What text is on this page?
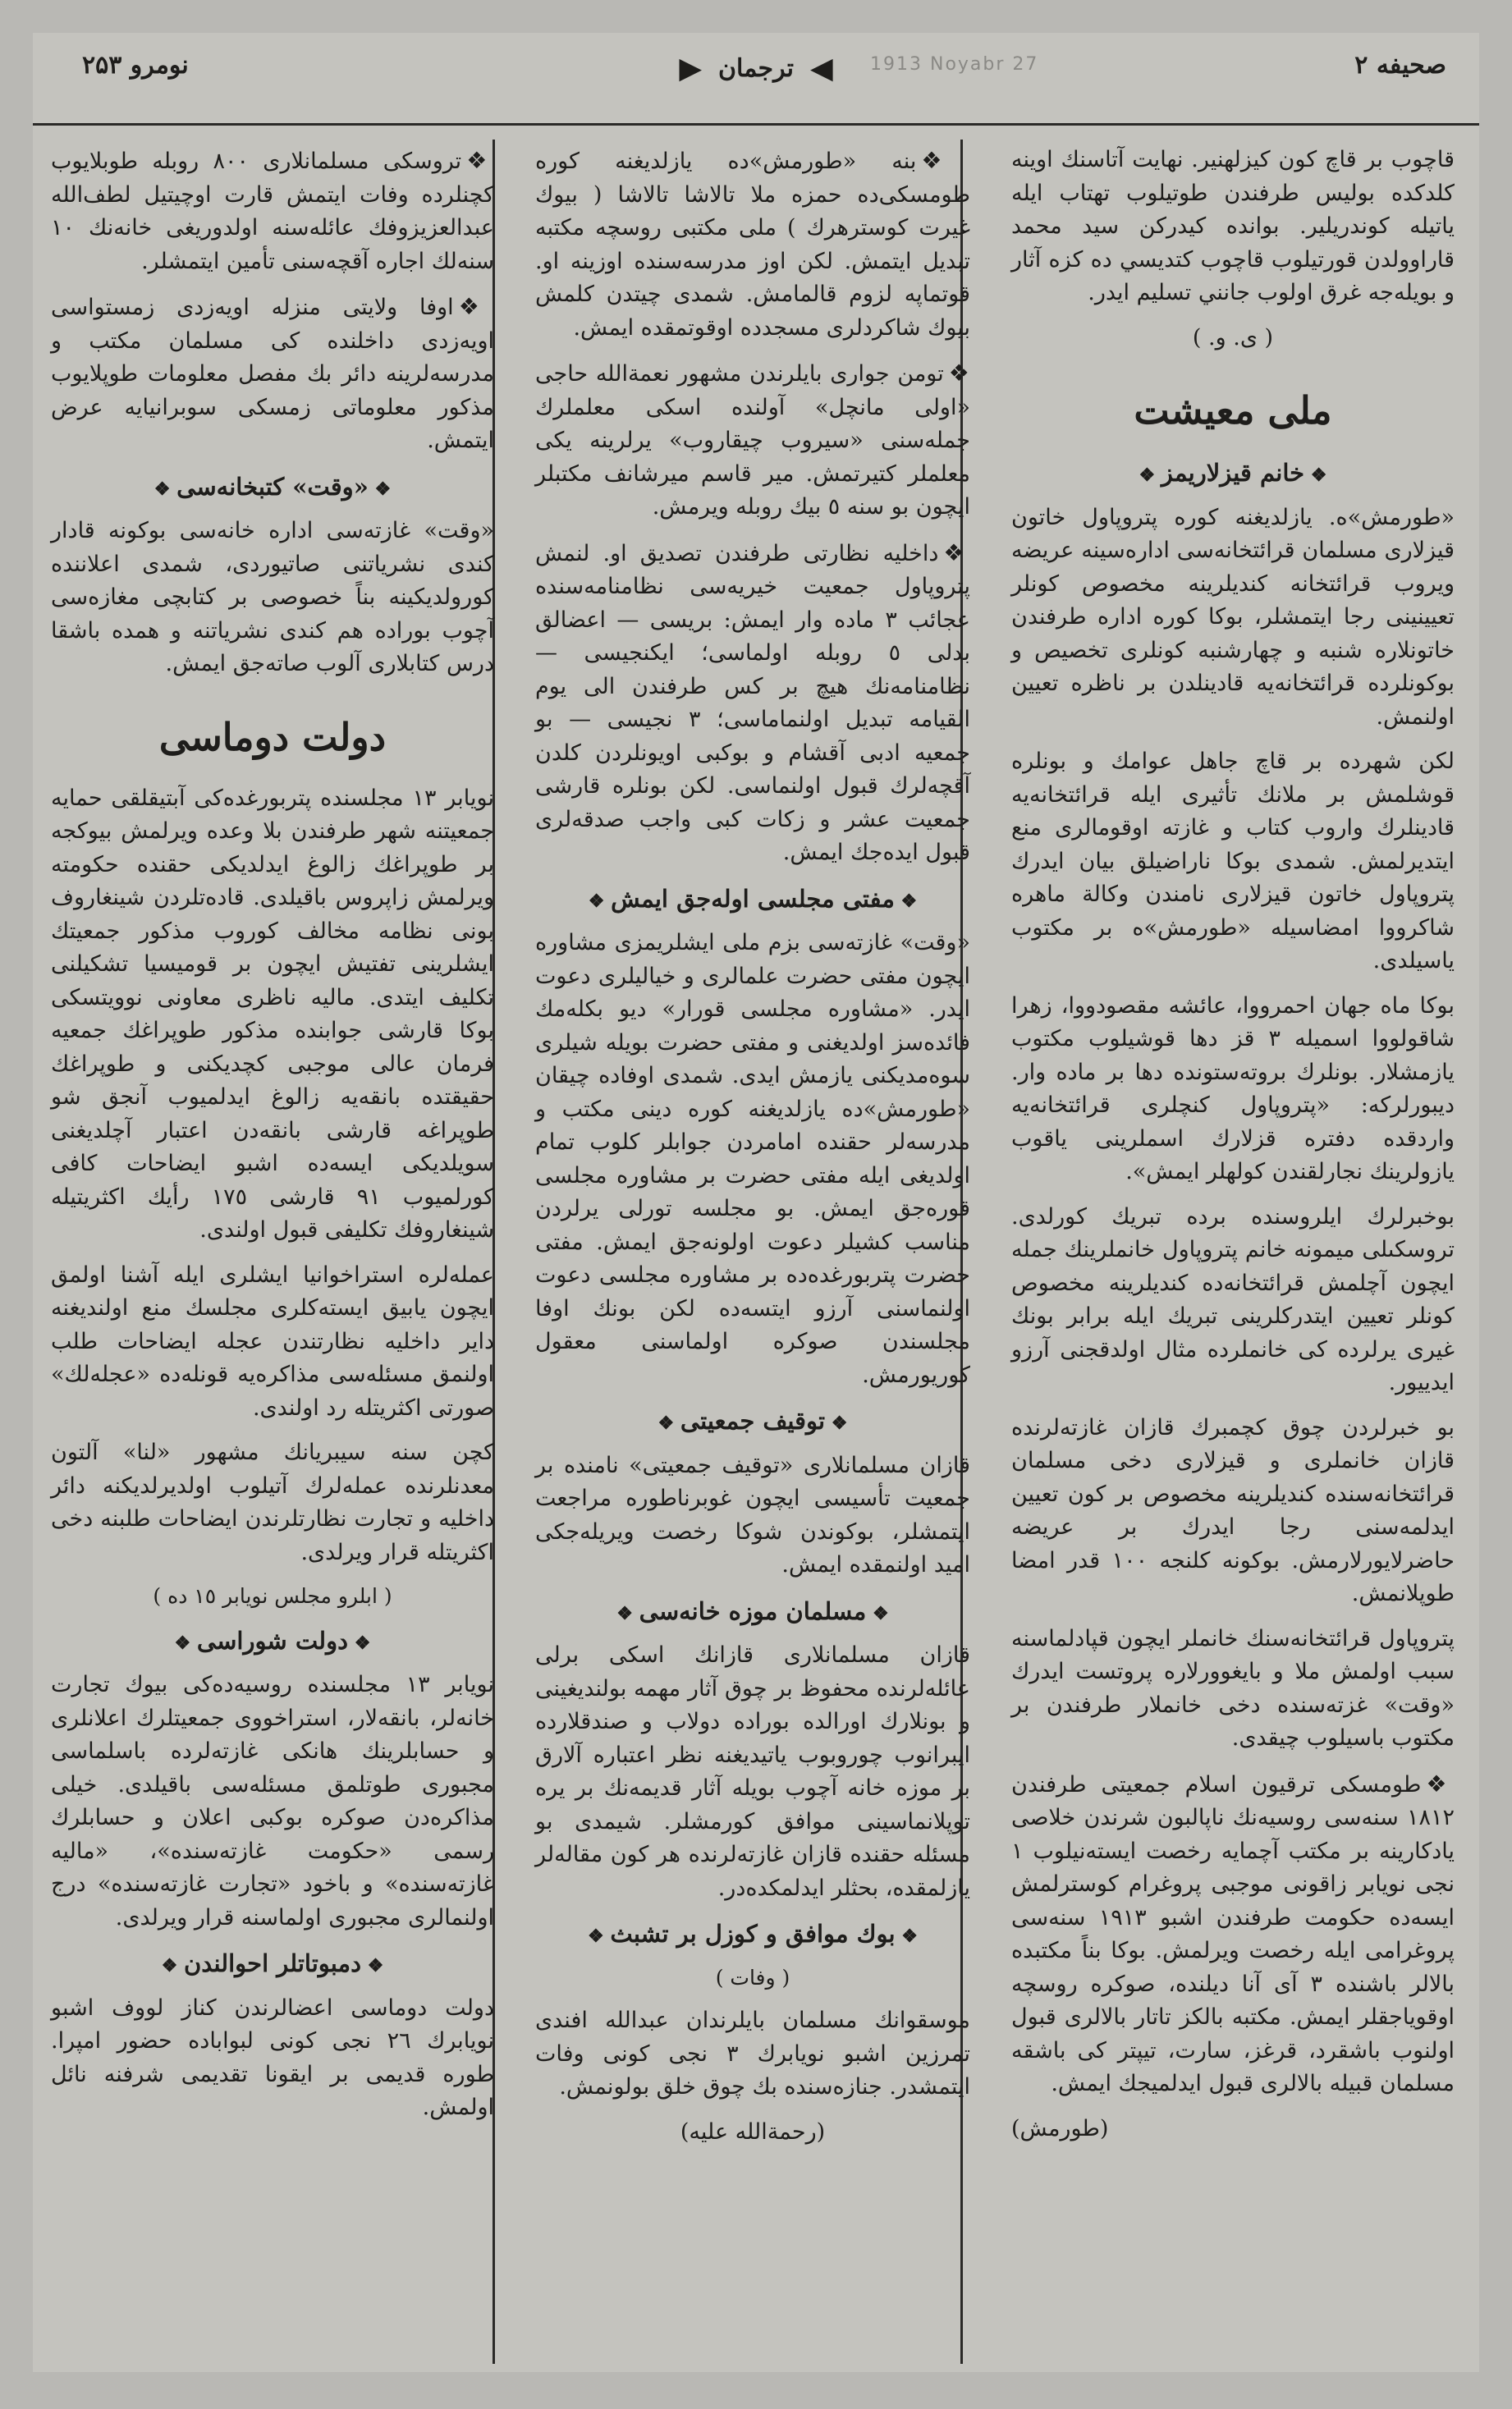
نومرو ۲۵۳	1913 Noyabr 27
◀
ترجمان
▶	صحيفه ۲

قاچوب بر قاچ كون كيزلهنير. نهايت آتاسنك اوينه كلدكده بوليس طرفندن طوتيلوب تهتاب ايله ياتيله كوندريلير. بوانده كيدركن سيد محمد قاراوولدن قورتيلوب قاچوب كتديسي ده كزه آثار و بويله‌جه غرق اولوب جانني تسليم ايدر.

( ى. و. )
ملى معيشت
❖ خانم قيزلاريمز ❖

«طورمش»ه. يازلديغنه كوره پتروپاول خاتون قيزلارى مسلمان قرائتخانه‌سى اداره‌سينه عريضه ويروب قرائتخانه كنديلرينه مخصوص كونلر تعيينينى رجا ايتمشلر، بوكا كوره اداره طرفندن خاتونلاره شنبه و چهارشنبه كونلرى تخصيص و بوكونلرده قرائتخانه‌يه قادينلدن بر ناظره تعيين اولنمش.

لكن شهرده بر قاچ جاهل عوامك و بونلره قوشلمش بر ملانك تأثيرى ايله قرائتخانه‌يه قادينلرك واروب كتاب و غازته اوقومالرى منع ايتديرلمش. شمدى بوكا ناراضيلق بيان ايدرك پتروپاول خاتون قيزلارى نامندن وكالة ماهره شاكرووا امضاسيله «طورمش»ه بر مكتوب ياسيلدى.

بوكا ماه جهان احمرووا، عائشه مقصودووا، زهرا شاقولووا اسميله ٣ قز دها قوشيلوب مكتوب يازمشلار. بونلرك بروته‌ستونده دها بر ماده وار. ديبورلركه: «پتروپاول كنچلرى قرائتخانه‌يه واردقده دفتره قزلارك اسملرينى ياقوب يازولرينك نجارلقندن كولهلر ايمش».

بوخبرلرك ايلروسنده برده تبريك كورلدى. تروسكىلى ميمونه خانم پتروپاول خانملرينك جمله ايچون آچلمش قرائتخانه‌ده كنديلرينه مخصوص كونلر تعيين ايتدركلرينى تبريك ايله برابر بونك غيرى يرلرده كى خانملرده مثال اولدقجنى آرزو ايدييور.

بو خبرلردن چوق كچمبرك قازان غازته‌لرنده قازان خانملرى و قيزلارى دخى مسلمان قرائتخانه‌سنده كنديلرينه مخصوص بر كون تعيين ايدلمه‌سنى رجا ايدرك بر عريضه حاضرلايورلارمش. بوكونه كلنجه ١٠٠ قدر امضا طوپلانمش.

پتروپاول قرائتخانه‌سنك خانملر ايچون قپادلماسنه سبب اولمش ملا و بايغوورلاره پروتست ايدرك «وقت» غزته‌سنده دخى خانملار طرفندن بر مكتوب باسيلوب چيقدى.

❖طومسكى ترقيون اسلام جمعيتى طرفندن ١٨١٢ سنه‌سى روسيه‌نك ناپالبون شرندن خلاصى يادكارينه بر مكتب آچمايه رخصت ايسته‌نيلوب ١ نجى نويابر زاقونى موجبى پروغرام كوسترلمش ايسه‌ده حكومت طرفندن اشبو ١٩١٣ سنه‌سى پروغرامى ايله رخصت ويرلمش. بوكا بناً مكتبده بالالر باشنده ٣ آى آنا ديلنده، صوكره روسچه اوقوياجقلر ايمش. مكتبه بالكز تاتار بالالرى قبول اولنوب باشقرد، قرغز، سارت، تيپتر كى باشقه مسلمان قبيله بالالرى قبول ايدلميجك ايمش.

(طورمش)

❖بنه «طورمش»ده يازلديغنه كوره طومسكى‌ده حمزه ملا تالاشا تالاشا ( بيوك غيرت كوسترهرك ) ملى مكتبى روسچه مكتبه تبديل ايتمش. لكن اوز مدرسه‌سنده اوزينه او. قوتماپه لزوم قالمامش. شمدى چيتدن كلمش بيوك شاكردلرى مسجدده اوقوتمقده ايمش.

❖تومن جوارى بايلرندن مشهور نعمةالله حاجى «اولى مانچل» آولنده اسكى معلملرك جمله‌سنى «سيروب چيقاروب» يرلرينه يكى معلملر كتيرتمش. مير قاسم ميرشانف مكتبلر ايچون بو سنه ٥ بيك روبله ويرمش.

❖داخليه نظارتى طرفندن تصديق او. لنمش پتروپاول جمعيت خيريه‌سى نظامنامه‌سنده عجائب ٣ ماده وار ايمش: بريسى — اعضالق بدلى ٥ روبله اولماسى؛ ايكنجيسى — نظامنامه‌نك هيچ بر كس طرفندن الى يوم القيامه تبديل اولنماماسى؛ ٣ نجيسى — بو جمعيه ادبى آقشام و بوكبى اويونلردن كلدن آقچه‌لرك قبول اولنماسى. لكن بونلره قارشى جمعيت عشر و زكات كبى واجب صدقه‌لرى قبول ايده‌جك ايمش.

❖ مفتى مجلسى اوله‌جق ايمش ❖

«وقت» غازته‌سى بزم ملى ايشلريمزى مشاوره ايچون مفتى حضرت علمالرى و خياليلرى دعوت ايدر. «مشاوره مجلسى قورار» ديو بكله‌مك فائده‌سز اولديغنى و مفتى حضرت بويله شيلرى سوه‌مديكنى يازمش ايدى. شمدى اوفاده چيقان «طورمش»ده يازلديغنه كوره دينى مكتب و مدرسه‌لر حقنده امامردن جوابلر كلوب تمام اولديغى ايله مفتى حضرت بر مشاوره مجلسى قوره‌جق ايمش. بو مجلسه تورلى يرلردن مناسب كشيلر دعوت اولونه‌جق ايمش. مفتى حضرت پتربورغده‌ده بر مشاوره مجلسى دعوت اولنماسنى آرزو ايتسه‌ده لكن بونك اوفا مجلسندن صوكره اولماسنى معقول كوريورمش.

❖ توقيف جمعيتى ❖

قازان مسلمانلارى «توقيف جمعيتى» نامنده بر جمعيت تأسيسى ايچون غوبرناطوره مراجعت ايتمشلر، بوكوندن شوكا رخصت ويريله‌جكى اميد اولنمقده ايمش.

❖ مسلمان موزه خانه‌سى ❖

قازان مسلمانلارى قازانك اسكى برلى عائله‌لرنده محفوظ بر چوق آثار مهمه بولنديغينى و بونلارك اورالده بوراده دولاب و صندقلارده ايبرانوب چوروبوب ياتيديغنه نظر اعتباره آلارق بر موزه خانه آچوب بويله آثار قديمه‌نك بر يره توپلانماسينى موافق كورمشلر. شيمدى بو مسئله حقنده قازان غازته‌لرنده هر كون مقاله‌لر يازلمقده، بحثلر ايدلمكده‌در.

❖ بوك موافق و كوزل بر تشبث ❖
( وفات )

موسقوانك مسلمان بايلرندان عبدالله افندى تمرزين اشبو نويابرك ٣ نجى كونى وفات ايتمشدر. جنازه‌سنده بك چوق خلق بولونمش.

(رحمةالله عليه)

❖تروسكى مسلمانلارى ٨٠٠ روبله طوبلايوب كچنلرده وفات ايتمش قارت اوچيتيل لطف‌الله عبدالعزيزوفك عائله‌سنه اولدوريغى خانه‌نك ١٠ سنه‌لك اجاره آقچه‌سنى تأمين ايتمشلر.

❖اوفا ولايتى منزله اويه‌زدى زمستواسى اويه‌زدى داخلنده كى مسلمان مكتب و مدرسه‌لرينه دائر بك مفصل معلومات طوپلايوب مذكور معلوماتى زمسكى سوبرانيايه عرض ايتمش.

❖ «وقت» كتبخانه‌سى ❖

«وقت» غازته‌سى اداره خانه‌سى بوكونه قادار كندى نشرياتنى صاتيوردى، شمدى اعلاننده كورولديكينه بناً خصوصى بر كتابچى مغازه‌سى آچوب بوراده هم كندى نشرياتنه و همده باشقا درس كتابلارى آلوب صاته‌جق ايمش.

دولت دوماسى

نويابر ١٣ مجلسنده پتربورغده‌كى آبتيقلقى حمايه جمعيتنه شهر طرفندن بلا وعده ويرلمش بيوكجه بر طوپراغك زالوغ ايدلديكى حقنده حكومته ويرلمش زاپروس باقيلدى. قاده‌تلردن شينغاروف بونى نظامه مخالف كوروب مذكور جمعيتك ايشلرينى تفتيش ايچون بر قوميسيا تشكيلنى تكليف ايتدى. ماليه ناظرى معاونى نوويتسكى بوكا قارشى جوابنده مذكور طوپراغك جمعيه فرمان عالى موجبى كچديكنى و طوپراغك حقيقتده بانقه‌يه زالوغ ايدلميوب آنجق شو طوپراغه قارشى بانقه‌دن اعتبار آچلديغنى سويلديكى ايسه‌ده اشبو ايضاحات كافى كورلميوب ٩١ قارشى ١٧٥ رأيك اكثريتيله شينغاروفك تكليفى قبول اولندى.

عمله‌لره استراخوانيا ايشلرى ايله آشنا اولمق ايچون يابيق ايسته‌كلرى مجلسك منع اولنديغنه داير داخليه نظارتندن عجله ايضاحات طلب اولنمق مسئله‌سى مذاكره‌يه قونله‌ده «عجله‌لك» صورتى اكثريتله رد اولندى.

كچن سنه سيبريانك مشهور «لنا» آلتون معدنلرنده عمله‌لرك آتيلوب اولديرلديكنه دائر داخليه و تجارت نظارتلرندن ايضاحات طلبنه دخى اكثريتله قرار ويرلدى.

( ابلرو مجلس نويابر ١٥ ده )
❖ دولت شوراسى ❖

نويابر ١٣ مجلسنده روسيه‌ده‌كى بيوك تجارت خانه‌لر، بانقه‌لار، استراخووى جمعيتلرك اعلانلرى و حسابلرينك هانكى غازته‌لرده باسلماسى مجبورى طوتلمق مسئله‌سى باقيلدى. خيلى مذاكره‌دن صوكره بوكبى اعلان و حسابلرك رسمى «حكومت غازته‌سنده»، «ماليه غازته‌سنده» و باخود «تجارت غازته‌سنده» درج اولنمالرى مجبورى اولماسنه قرار ويرلدى.

❖ دمبوتاتلر احوالندن ❖

دولت دوماسى اعضالرندن كناز لووف اشبو نويابرك ٢٦ نجى كونى لبواباده حضور امپرا. طوره قديمى بر ايقونا تقديمى شرفنه نائل اولمش.
